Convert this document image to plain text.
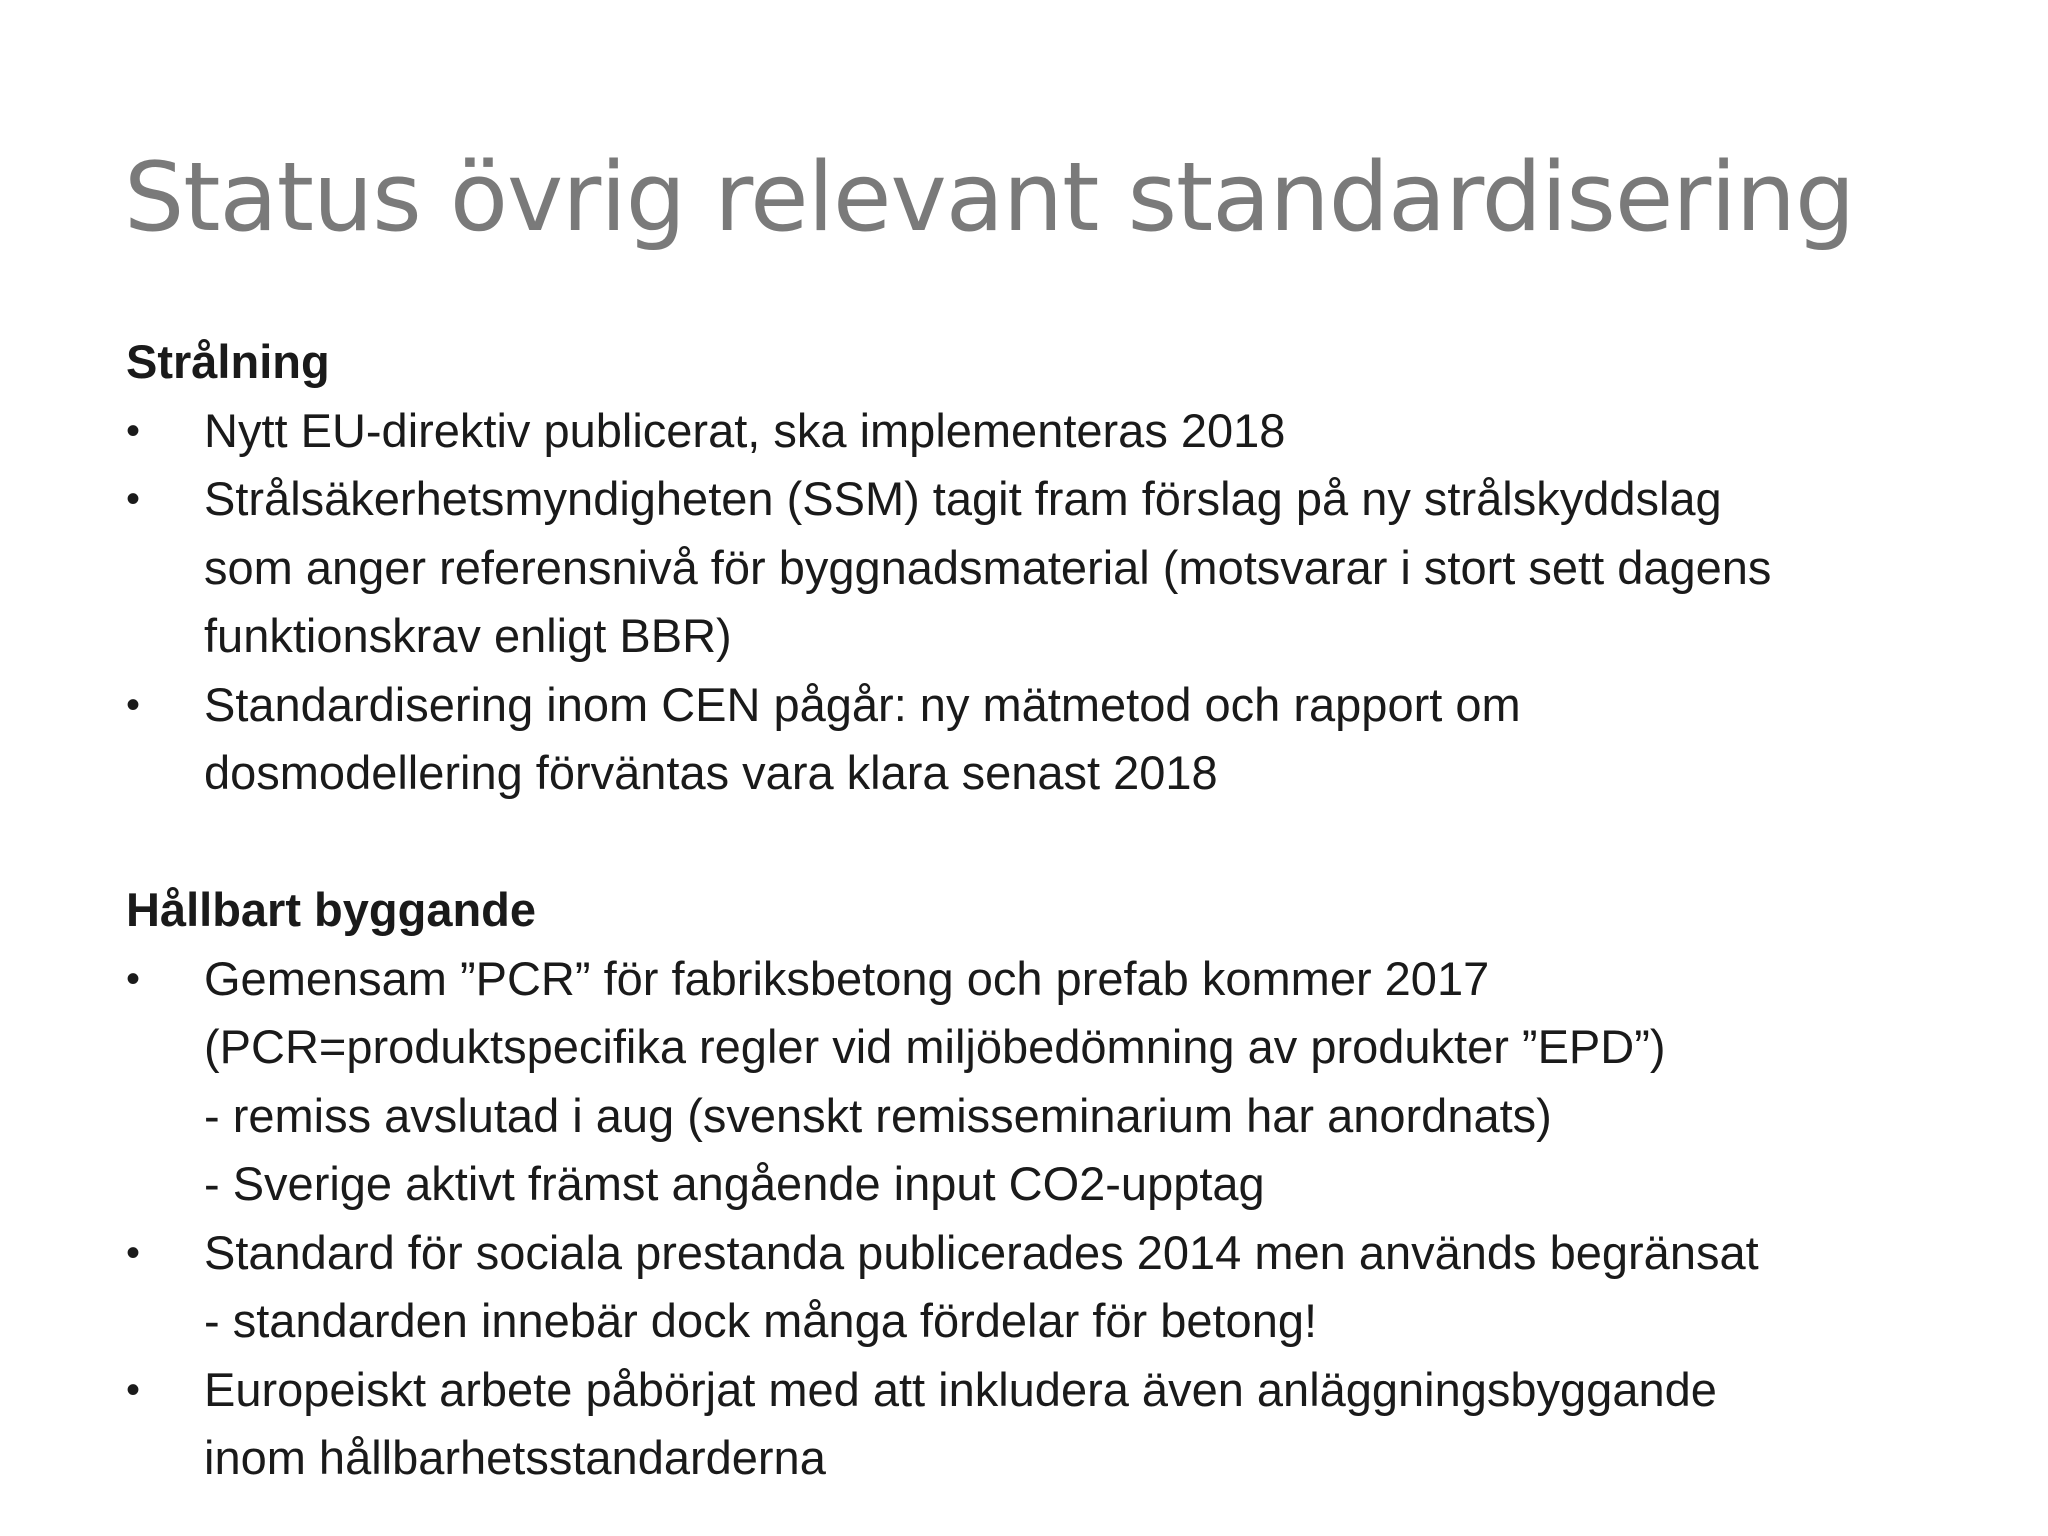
Status övrig relevant standardisering

Strålning

•	Nytt EU-direktiv publicerat, ska implementeras 2018
•	Strålsäkerhetsmyndigheten (SSM) tagit fram förslag på ny strålskyddslag
som anger referensnivå för byggnadsmaterial (motsvarar i stort sett dagens
funktionskrav enligt BBR)
•	Standardisering inom CEN pågår: ny mätmetod och rapport om
dosmodellering förväntas vara klara senast 2018

Hållbart byggande

•	Gemensam ”PCR” för fabriksbetong och prefab kommer 2017
(PCR=produktspecifika regler vid miljöbedömning av produkter ”EPD”)
- remiss avslutad i aug (svenskt remisseminarium har anordnats)
- Sverige aktivt främst angående input CO2-upptag
•	Standard för sociala prestanda publicerades 2014 men används begränsat
- standarden innebär dock många fördelar för betong!
•	Europeiskt arbete påbörjat med att inkludera även anläggningsbyggande
inom hållbarhetsstandarderna
